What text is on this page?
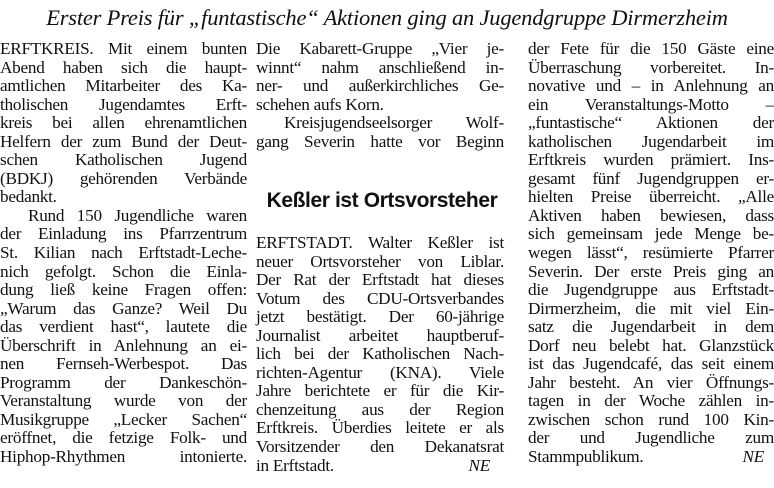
Erster Preis für „funtastische“ Aktionen ging an Jugendgruppe Dirmerzheim
ERFTKREIS. Mit einem bunten
Abend haben sich die haupt-
amtlichen Mitarbeiter des Ka-
tholischen Jugendamtes Erft-
kreis bei allen ehrenamtlichen
Helfern der zum Bund der Deut-
schen Katholischen Jugend
(BDKJ) gehörenden Verbände
bedankt.
Rund 150 Jugendliche waren
der Einladung ins Pfarrzentrum
St. Kilian nach Erftstadt-Leche-
nich gefolgt. Schon die Einla-
dung ließ keine Fragen offen:
„Warum das Ganze? Weil Du
das verdient hast“, lautete die
Überschrift in Anlehnung an ei-
nen Fernseh-Werbespot. Das
Programm der Dankeschön-
Veranstaltung wurde von der
Musikgruppe „Lecker Sachen“
eröffnet, die fetzige Folk- und
Hiphop-Rhythmen intonierte.
Die Kabarett-Gruppe „Vier je-
winnt“ nahm anschließend in-
ner- und außerkirchliches Ge-
schehen aufs Korn.
Kreisjugendseelsorger Wolf-
gang Severin hatte vor Beginn
Keßler ist Ortsvorsteher
ERFTSTADT. Walter Keßler ist
neuer Ortsvorsteher von Liblar.
Der Rat der Erftstadt hat dieses
Votum des CDU-Ortsverbandes
jetzt bestätigt. Der 60-jährige
Journalist arbeitet hauptberuf-
lich bei der Katholischen Nach-
richten-Agentur (KNA). Viele
Jahre berichtete er für die Kir-
chenzeitung aus der Region
Erftkreis. Überdies leitete er als
Vorsitzender den Dekanatsrat
in Erftstadt.	NE
der Fete für die 150 Gäste eine
Überraschung vorbereitet. In-
novative und – in Anlehnung an
ein Veranstaltungs-Motto –
„funtastische“ Aktionen der
katholischen Jugendarbeit im
Erftkreis wurden prämiert. Ins-
gesamt fünf Jugendgruppen er-
hielten Preise überreicht. „Alle
Aktiven haben bewiesen, dass
sich gemeinsam jede Menge be-
wegen lässt“, resümierte Pfarrer
Severin. Der erste Preis ging an
die Jugendgruppe aus Erftstadt-
Dirmerzheim, die mit viel Ein-
satz die Jugendarbeit in dem
Dorf neu belebt hat. Glanzstück
ist das Jugendcafé, das seit einem
Jahr besteht. An vier Öffnungs-
tagen in der Woche zählen in-
zwischen schon rund 100 Kin-
der und Jugendliche zum
Stammpublikum.	NE
